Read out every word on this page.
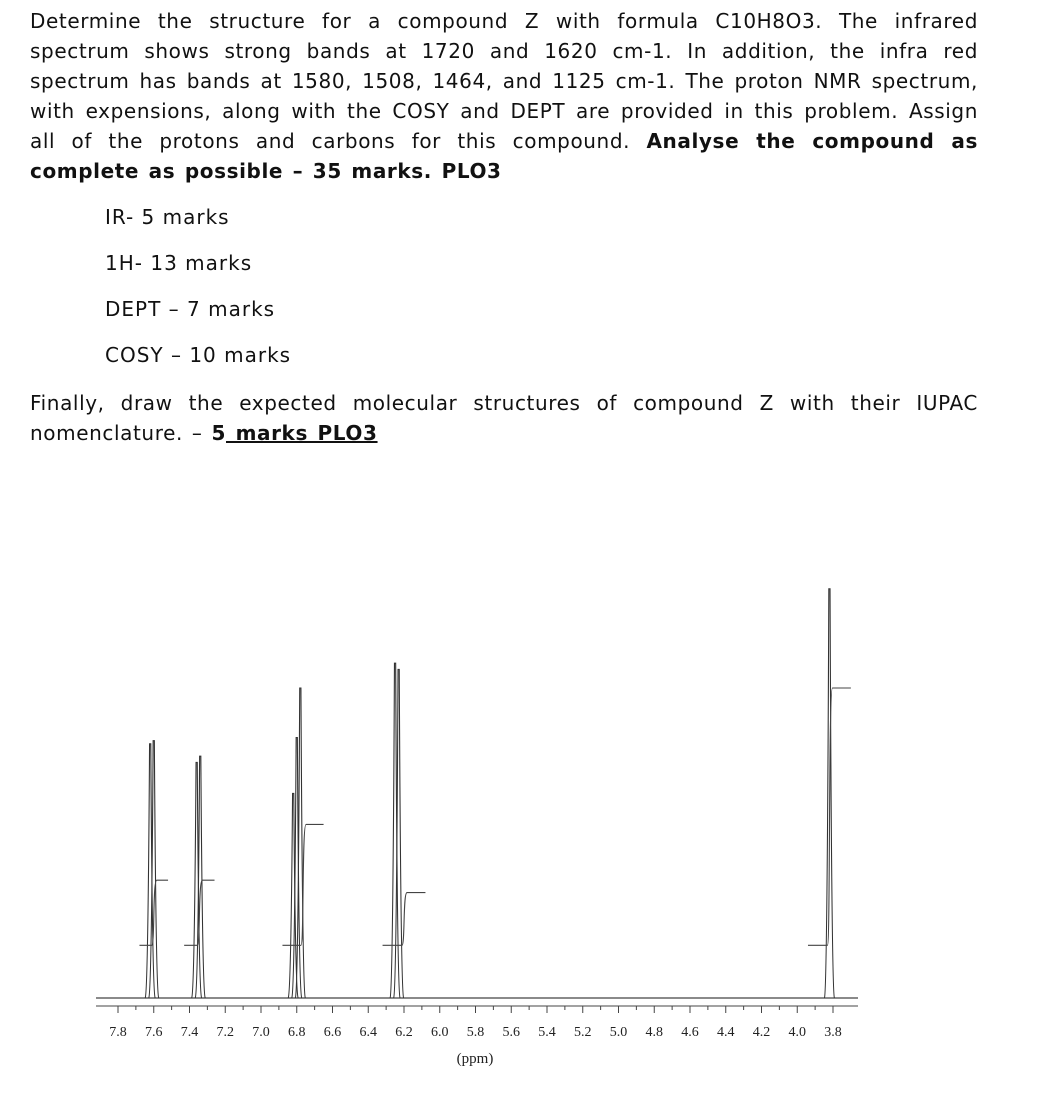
Determine the structure for a compound Z with formula C10H8O3. The infrared spectrum shows strong bands at 1720 and 1620 cm-1. In addition, the infra red spectrum has bands at 1580, 1508, 1464, and 1125 cm-1. The proton NMR spectrum, with expensions, along with the COSY and DEPT are provided in this problem. Assign all of the protons and carbons for this compound. Analyse the compound as complete as possible – 35 marks. PLO3

IR- 5 marks
1H- 13 marks
DEPT – 7 marks
COSY – 10 marks

Finally, draw the expected molecular structures of compound Z with their IUPAC nomenclature. – 5 marks PLO3

7.8 7.6 7.4 7.2 7.0 6.8 6.6 6.4 6.2 6.0 5.8 5.6 5.4 5.2 5.0 4.8 4.6 4.4 4.2 4.0 3.8
(ppm)
